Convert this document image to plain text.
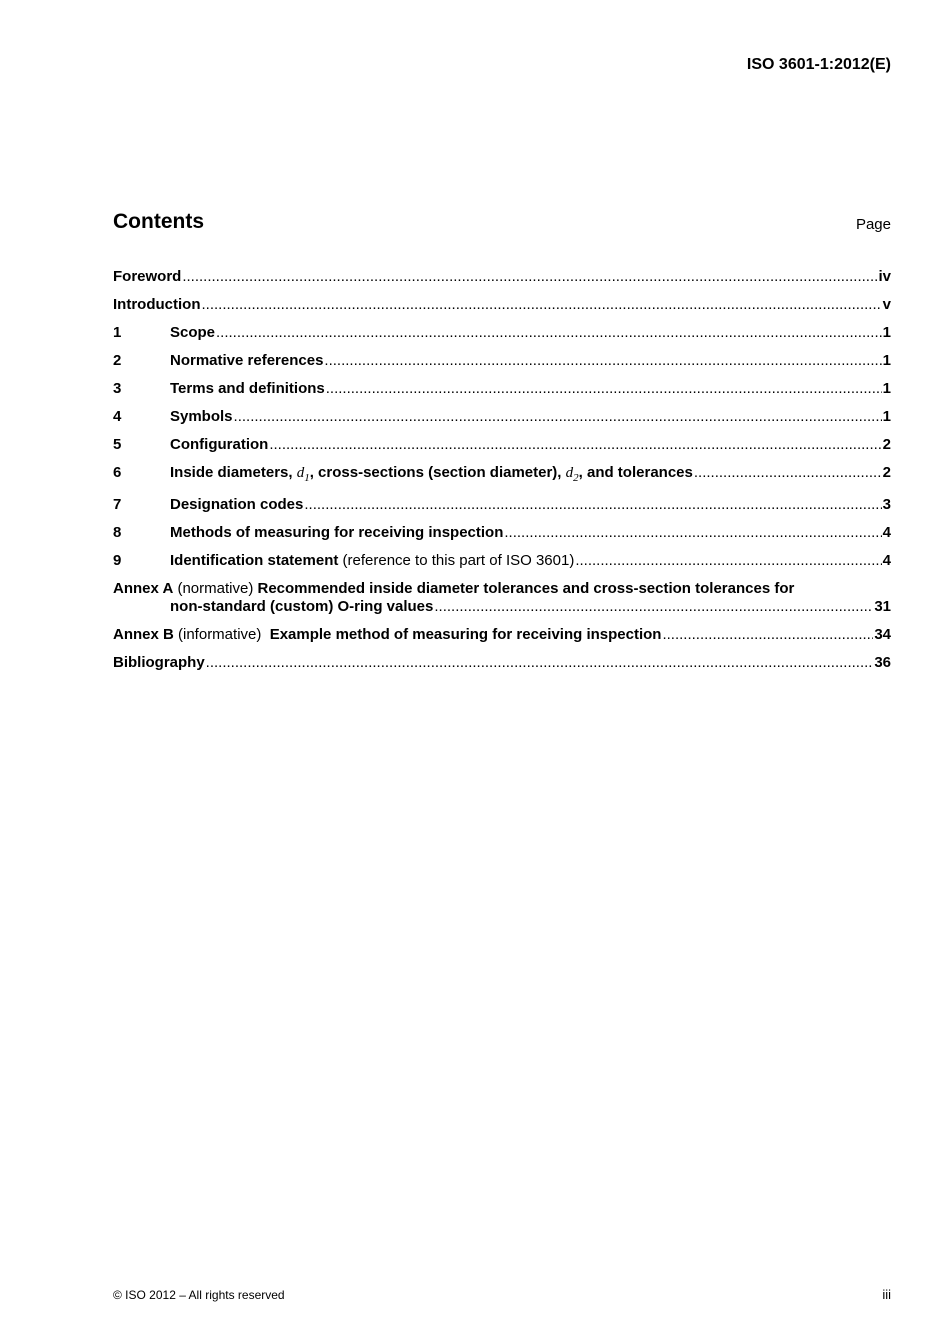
ISO 3601-1:2012(E)
Contents	Page
Foreword .....	iv
Introduction .....	v
1	Scope .....	1
2	Normative references .....	1
3	Terms and definitions .....	1
4	Symbols .....	1
5	Configuration .....	2
6	Inside diameters, $d_1$, cross-sections (section diameter), $d_2$, and tolerances .....	2
7	Designation codes .....	3
8	Methods of measuring for receiving inspection .....	4
9	Identification statement (reference to this part of ISO 3601) .....	4
Annex A (normative) Recommended inside diameter tolerances and cross-section tolerances for
non-standard (custom) O-ring values .....	31
Annex B (informative) Example method of measuring for receiving inspection .....	34
Bibliography .....	36
© ISO 2012 – All rights reserved	iii
